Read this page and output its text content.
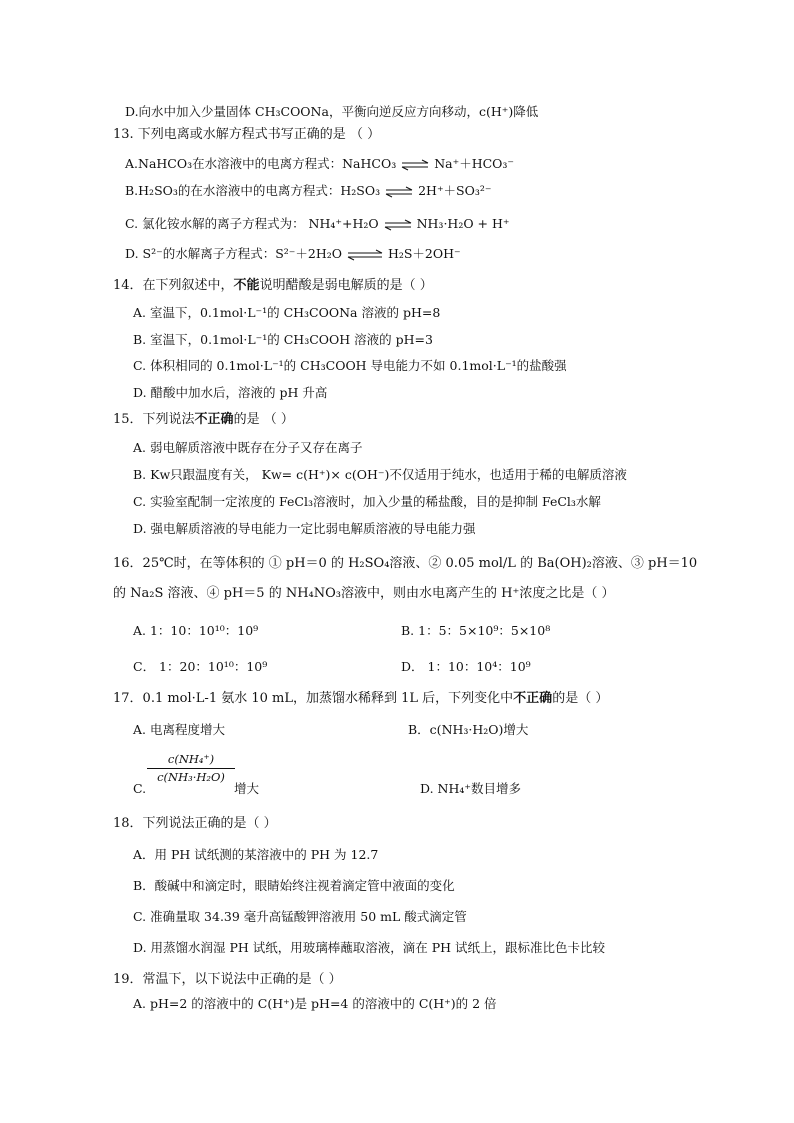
D.向水中加入少量固体 CH₃COONa，平衡向逆反应方向移动，c(H⁺)降低
13. 下列电离或水解方程式书写正确的是 （ ）
A.NaHCO₃在水溶液中的电离方程式：NaHCO₃ ⇌ Na⁺＋HCO₃⁻
B.H₂SO₃的在水溶液中的电离方程式：H₂SO₃ ⇌ 2H⁺＋SO₃²⁻
C. 氯化铵水解的离子方程式为： NH₄⁺+H₂O ⇌ NH₃·H₂O + H⁺
D. S²⁻的水解离子方程式：S²⁻＋2H₂O ⇌ H₂S＋2OH⁻
14．在下列叙述中，不能说明醋酸是弱电解质的是（ ）
A. 室温下，0.1mol·L⁻¹的 CH₃COONa 溶液的 pH=8
B. 室温下，0.1mol·L⁻¹的 CH₃COOH 溶液的 pH=3
C. 体积相同的 0.1mol·L⁻¹的 CH₃COOH 导电能力不如 0.1mol·L⁻¹的盐酸强
D. 醋酸中加水后，溶液的 pH 升高
15．下列说法不正确的是 （ ）
A. 弱电解质溶液中既存在分子又存在离子
B. Kw只跟温度有关， Kw= c(H⁺)× c(OH⁻)不仅适用于纯水，也适用于稀的电解质溶液
C. 实验室配制一定浓度的 FeCl₃溶液时，加入少量的稀盐酸，目的是抑制 FeCl₃水解
D. 强电解质溶液的导电能力一定比弱电解质溶液的导电能力强
16．25℃时，在等体积的 ① pH＝0 的 H₂SO₄溶液、② 0.05 mol/L 的 Ba(OH)₂溶液、③ pH＝10
的 Na₂S 溶液、④ pH＝5 的 NH₄NO₃溶液中，则由水电离产生的 H⁺浓度之比是（ ）
A. 1：10：10¹⁰：10⁹	B. 1：5：5×10⁹：5×10⁸
C． 1：20：10¹⁰：10⁹	D． 1：10：10⁴：10⁹
17．0.1 mol·L-1 氨水 10 mL，加蒸馏水稀释到 1L 后，下列变化中不正确的是（ ）
A. 电离程度增大	B．c(NH₃·H₂O)增大
C.
c(NH₄⁺)
c(NH₃·H₂O)
增大	D. NH₄⁺数目增多
18．下列说法正确的是（ ）
A．用 PH 试纸测的某溶液中的 PH 为 12.7
B．酸碱中和滴定时，眼睛始终注视着滴定管中液面的变化
C. 准确量取 34.39 毫升高锰酸钾溶液用 50 mL 酸式滴定管
D. 用蒸馏水润湿 PH 试纸，用玻璃棒蘸取溶液，滴在 PH 试纸上，跟标准比色卡比较
19．常温下，以下说法中正确的是（ ）
A. pH=2 的溶液中的 C(H⁺)是 pH=4 的溶液中的 C(H⁺)的 2 倍
